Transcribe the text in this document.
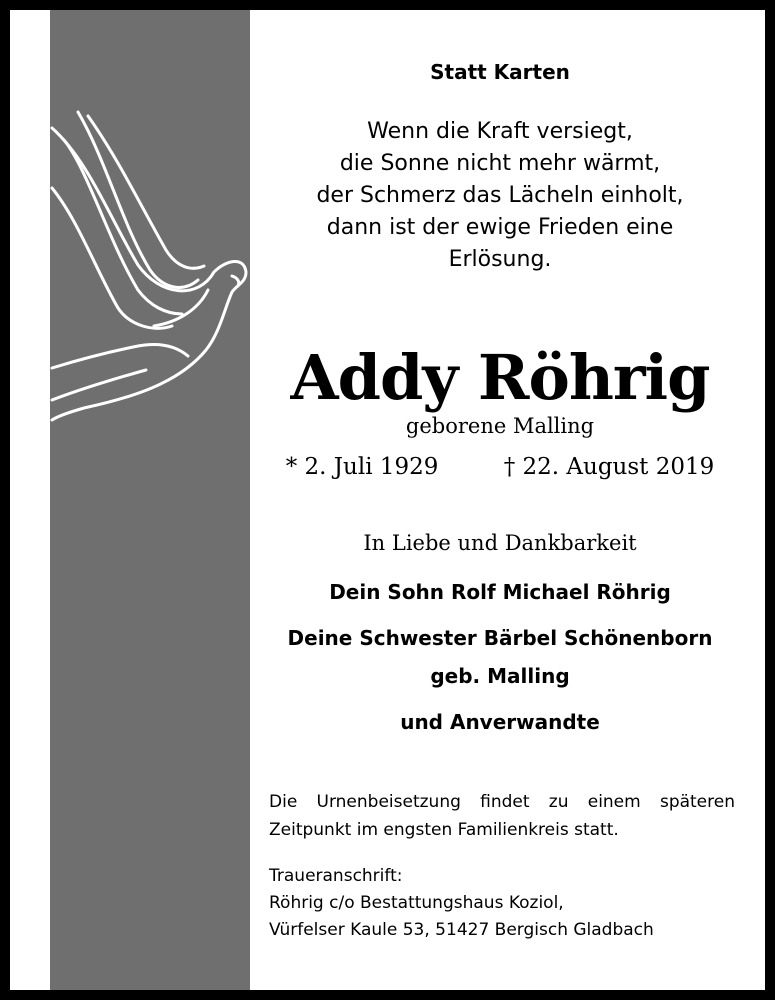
Statt Karten
Wenn die Kraft versiegt,
die Sonne nicht mehr wärmt,
der Schmerz das Lächeln einholt,
dann ist der ewige Frieden eine
Erlösung.
Addy Röhrig
geborene Malling
* 2. Juli 1929	† 22. August 2019
In Liebe und Dankbarkeit
Dein Sohn Rolf Michael Röhrig
Deine Schwester Bärbel Schönenborn
geb. Malling
und Anverwandte
Die Urnenbeisetzung findet zu einem späteren Zeitpunkt im engsten Familienkreis statt.
Traueranschrift:
Röhrig c/o Bestattungshaus Koziol,
Vürfelser Kaule 53, 51427 Bergisch Gladbach
